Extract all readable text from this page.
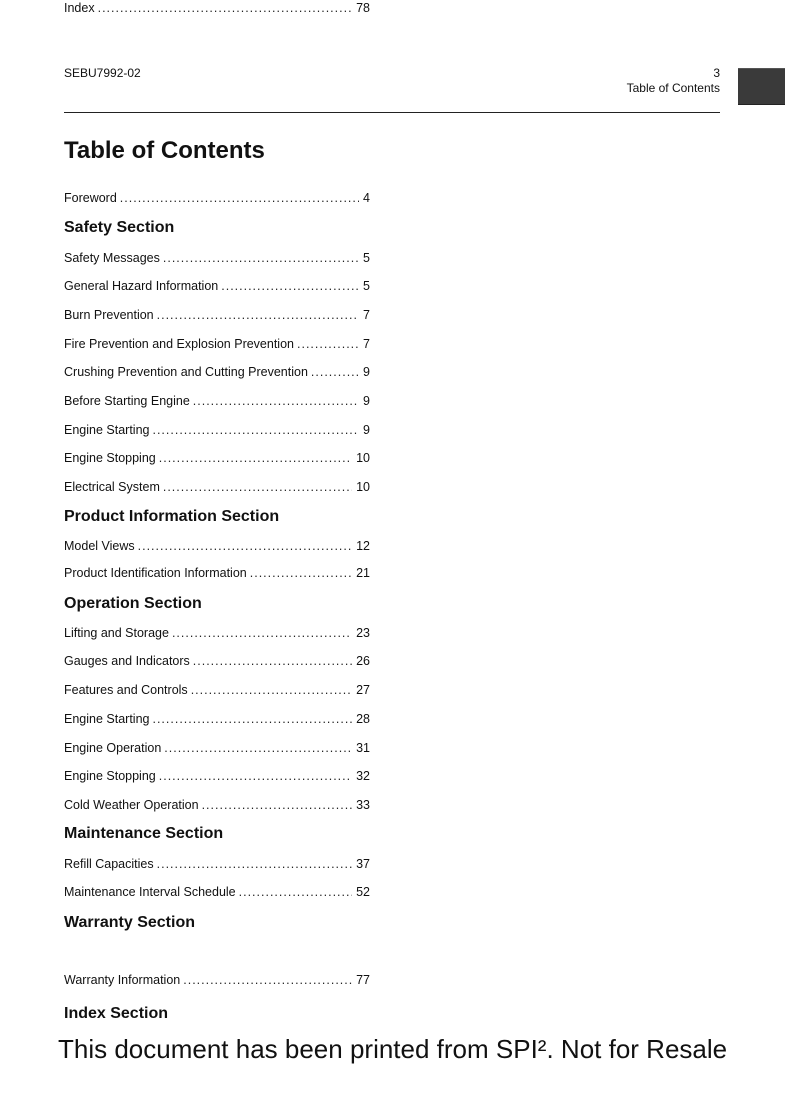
SEBU7992-02	3
Table of Contents
Table of Contents
Foreword .....	4
Safety Section
Safety Messages .....	5
General Hazard Information .....	5
Burn Prevention .....	7
Fire Prevention and Explosion Prevention .....	7
Crushing Prevention and Cutting Prevention .....	9
Before Starting Engine .....	9
Engine Starting .....	9
Engine Stopping .....	10
Electrical System .....	10
Product Information Section
Model Views .....	12
Product Identification Information .....	21
Operation Section
Lifting and Storage .....	23
Gauges and Indicators .....	26
Features and Controls .....	27
Engine Starting .....	28
Engine Operation .....	31
Engine Stopping .....	32
Cold Weather Operation .....	33
Maintenance Section
Refill Capacities .....	37
Maintenance Interval Schedule .....	52
Warranty Section
Warranty Information .....	77
Index Section
Index .....	78
This document has been printed from SPI². Not for Resale
